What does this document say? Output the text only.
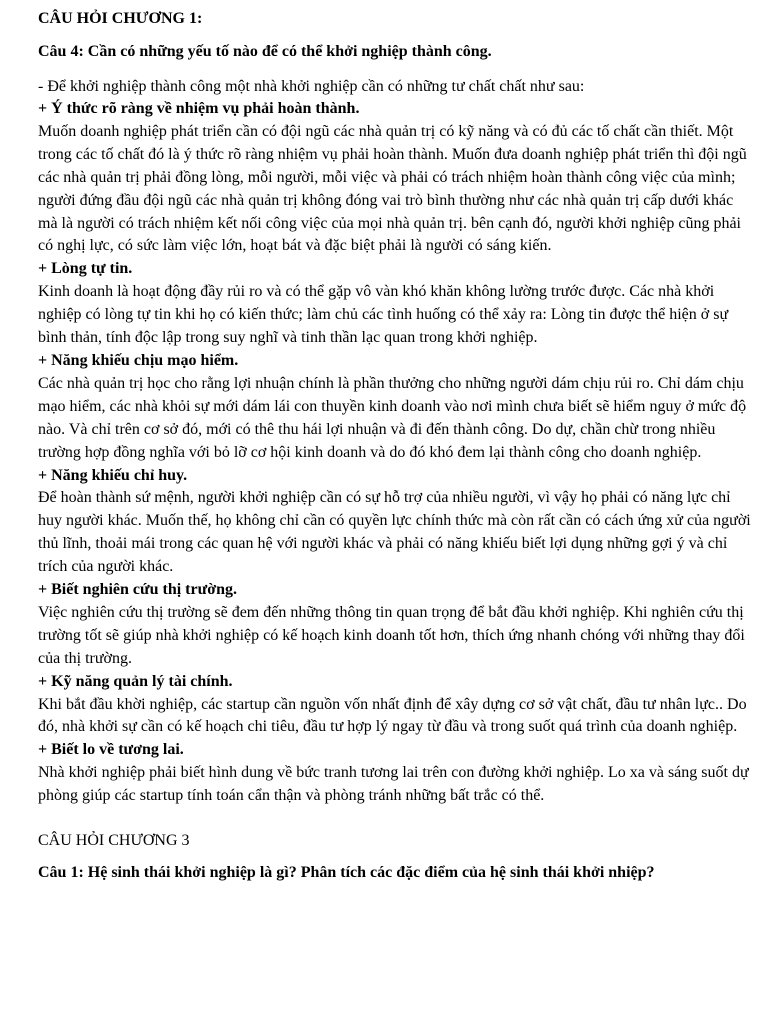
CÂU HỎI CHƯƠNG 1:

Câu 4: Cần có những yếu tố nào để có thể khởi nghiệp thành công.

- Để khởi nghiệp thành công một nhà khởi nghiệp cần có những tư chất chất như sau:

+ Ý thức rõ ràng về nhiệm vụ phải hoàn thành.

Muốn doanh nghiệp phát triển cần có đội ngũ các nhà quản trị có kỹ năng và có đủ các tố chất cần thiết. Một trong các tố chất đó là ý thức rõ ràng nhiệm vụ phải hoàn thành. Muốn đưa doanh nghiệp phát triển thì đội ngũ các nhà quản trị phải đồng lòng, mỗi người, mỗi việc và phải có trách nhiệm hoàn thành công việc của mình; người đứng đầu đội ngũ các nhà quản trị không đóng vai trò bình thường như các nhà quản trị cấp dưới khác mà là người có trách nhiệm kết nối công việc của mọi nhà quản trị. bên cạnh đó, người khởi nghiệp cũng phải có nghị lực, có sức làm việc lớn, hoạt bát và đặc biệt phải là người có sáng kiến.

+ Lòng tự tin.

Kinh doanh là hoạt động đầy rủi ro và có thể gặp vô vàn khó khăn không lường trước được. Các nhà khởi nghiệp có lòng tự tin khi họ có kiến thức; làm chủ các tình huống có thể xảy ra: Lòng tin được thể hiện ở sự bình thản, tính độc lập trong suy nghĩ và tinh thần lạc quan trong khởi nghiệp.

+ Năng khiếu chịu mạo hiểm.

Các nhà quản trị học cho rằng lợi nhuận chính là phần thưởng cho những người dám chịu rủi ro. Chỉ dám chịu mạo hiểm, các nhà khỏi sự mới dám lái con thuyền kinh doanh vào nơi mình chưa biết sẽ hiểm nguy ở mức độ nào. Và chỉ trên cơ sở đó, mới có thê thu hái lợi nhuận và đi đến thành công. Do dự, chần chừ trong nhiều trường hợp đồng nghĩa với bỏ lỡ cơ hội kinh doanh và do đó khó đem lại thành công cho doanh nghiệp.

+ Năng khiếu chỉ huy.

Để hoàn thành sứ mệnh, người khởi nghiệp cần có sự hỗ trợ của nhiều người, vì vậy họ phải có năng lực chỉ huy người khác. Muốn thế, họ không chỉ cần có quyền lực chính thức mà còn rất cần có cách ứng xử của người thủ lĩnh, thoải mái trong các quan hệ với người khác và phải có năng khiếu biết lợi dụng những gợi ý và chỉ trích của người khác.

+ Biết nghiên cứu thị trường.

Việc nghiên cứu thị trường sẽ đem đến những thông tin quan trọng để bắt đầu khởi nghiệp. Khi nghiên cứu thị trường tốt sẽ giúp nhà khởi nghiệp có kế hoạch kinh doanh tốt hơn, thích ứng nhanh chóng với những thay đổi của thị trường.

+ Kỹ năng quản lý tài chính.

Khi bắt đầu khời nghiệp, các startup cần nguồn vốn nhất định để xây dựng cơ sở vật chất, đầu tư nhân lực.. Do đó, nhà khởi sự cần có kế hoạch chi tiêu, đầu tư hợp lý ngay từ đầu và trong suốt quá trình của doanh nghiệp.

+ Biết lo về tương lai.

Nhà khởi nghiệp phải biết hình dung về bức tranh tương lai trên con đường khởi nghiệp. Lo xa và sáng suốt dự phòng giúp các startup tính toán cẩn thận và phòng tránh những bất trắc có thể.

CÂU HỎI CHƯƠNG 3

Câu 1: Hệ sinh thái khởi nghiệp là gì? Phân tích các đặc điểm của hệ sinh thái khởi nhiệp?
